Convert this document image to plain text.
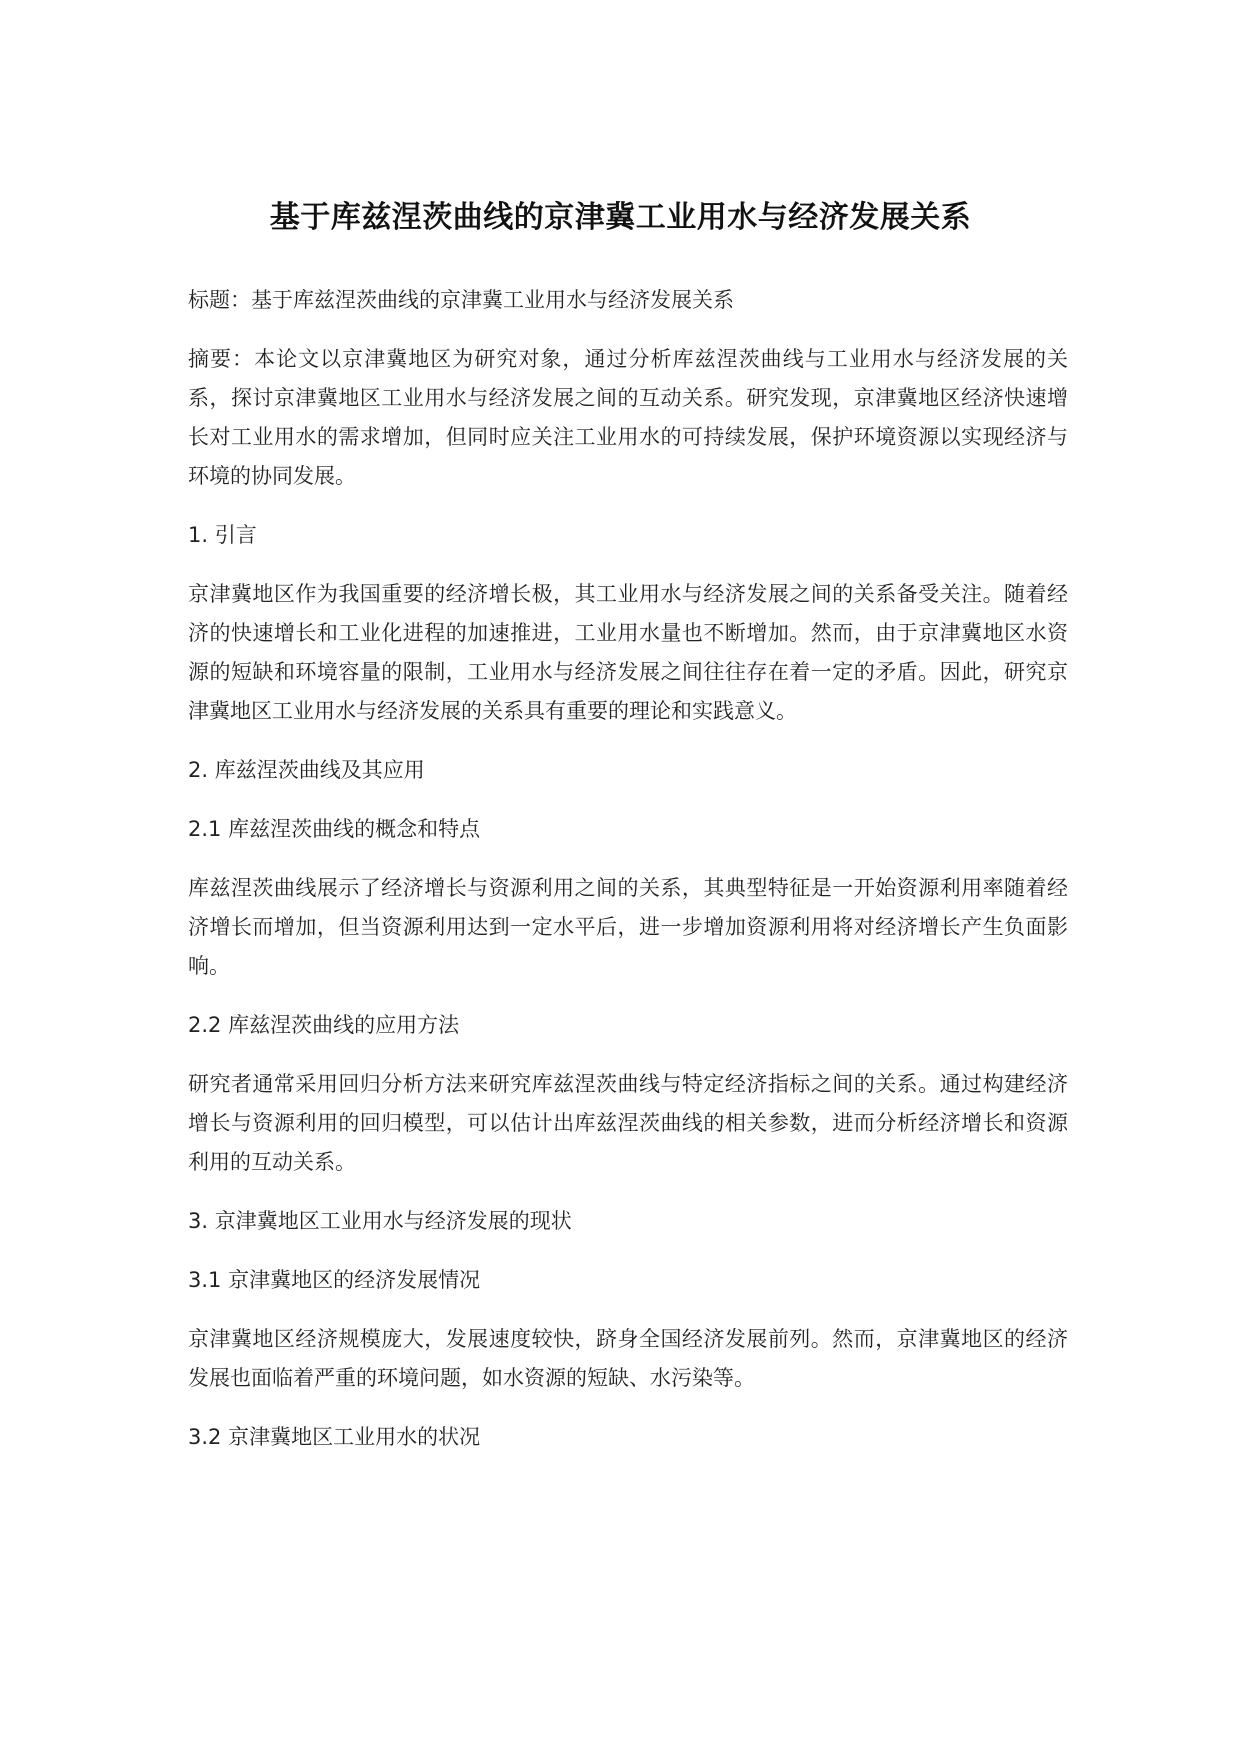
基于库兹涅茨曲线的京津冀工业用水与经济发展关系

标题：基于库兹涅茨曲线的京津冀工业用水与经济发展关系

摘要：本论文以京津冀地区为研究对象，通过分析库兹涅茨曲线与工业用水与经济发展的关系，探讨京津冀地区工业用水与经济发展之间的互动关系。研究发现，京津冀地区经济快速增长对工业用水的需求增加，但同时应关注工业用水的可持续发展，保护环境资源以实现经济与环境的协同发展。

1. 引言

京津冀地区作为我国重要的经济增长极，其工业用水与经济发展之间的关系备受关注。随着经济的快速增长和工业化进程的加速推进，工业用水量也不断增加。然而，由于京津冀地区水资源的短缺和环境容量的限制，工业用水与经济发展之间往往存在着一定的矛盾。因此，研究京津冀地区工业用水与经济发展的关系具有重要的理论和实践意义。

2. 库兹涅茨曲线及其应用

2.1 库兹涅茨曲线的概念和特点

库兹涅茨曲线展示了经济增长与资源利用之间的关系，其典型特征是一开始资源利用率随着经济增长而增加，但当资源利用达到一定水平后，进一步增加资源利用将对经济增长产生负面影响。

2.2 库兹涅茨曲线的应用方法

研究者通常采用回归分析方法来研究库兹涅茨曲线与特定经济指标之间的关系。通过构建经济增长与资源利用的回归模型，可以估计出库兹涅茨曲线的相关参数，进而分析经济增长和资源利用的互动关系。

3. 京津冀地区工业用水与经济发展的现状

3.1 京津冀地区的经济发展情况

京津冀地区经济规模庞大，发展速度较快，跻身全国经济发展前列。然而，京津冀地区的经济发展也面临着严重的环境问题，如水资源的短缺、水污染等。

3.2 京津冀地区工业用水的状况
